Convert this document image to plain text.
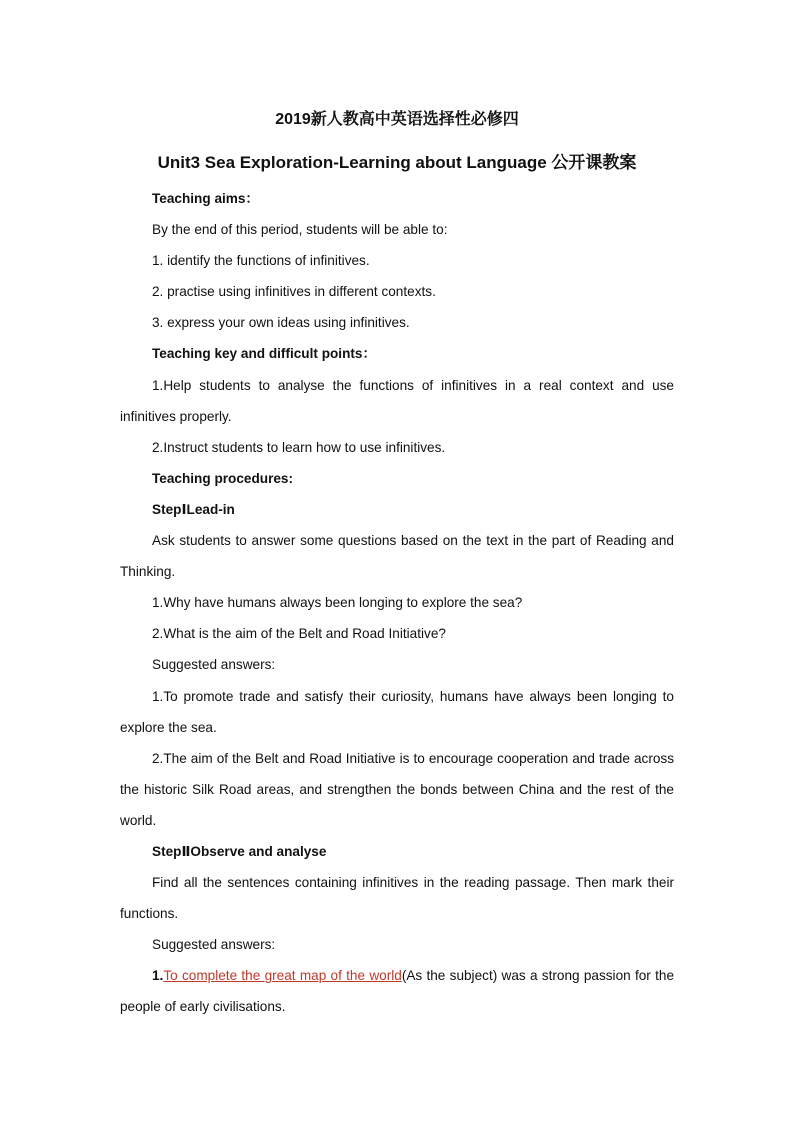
2019新人教高中英语选择性必修四
Unit3 Sea Exploration-Learning about Language 公开课教案

Teaching aims：

By the end of this period, students will be able to:

1. identify the functions of infinitives.

2. practise using infinitives in different contexts.

3. express your own ideas using infinitives.

Teaching key and difficult points：

1.Help students to analyse the functions of infinitives in a real context and use infinitives properly.

2.Instruct students to learn how to use infinitives.

Teaching procedures:

StepⅠLead-in

Ask students to answer some questions based on the text in the part of Reading and Thinking.

1.Why have humans always been longing to explore the sea?

2.What is the aim of the Belt and Road Initiative?

Suggested answers:

1.To promote trade and satisfy their curiosity, humans have always been longing to explore the sea.

2.The aim of the Belt and Road Initiative is to encourage cooperation and trade across the historic Silk Road areas, and strengthen the bonds between China and the rest of the world.

StepⅡObserve and analyse

Find all the sentences containing infinitives in the reading passage. Then mark their functions.

Suggested answers:

1.To complete the great map of the world(As the subject) was a strong passion for the people of early civilisations.
